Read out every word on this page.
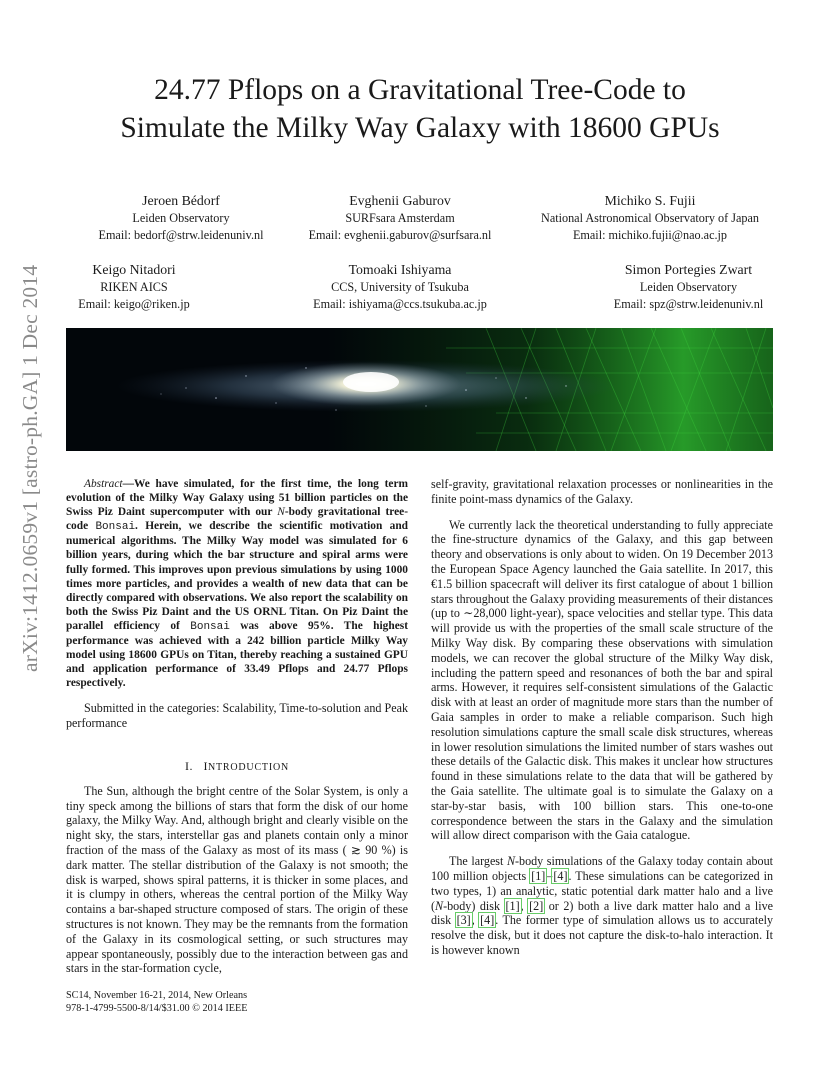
arXiv:1412.0659v1 [astro-ph.GA] 1 Dec 2014
24.77 Pflops on a Gravitational Tree-Code to
Simulate the Milky Way Galaxy with 18600 GPUs
Jeroen Bédorf
Leiden Observatory
Email: bedorf@strw.leidenuniv.nl
Evghenii Gaburov
SURFsara Amsterdam
Email: evghenii.gaburov@surfsara.nl
Michiko S. Fujii
National Astronomical Observatory of Japan
Email: michiko.fujii@nao.ac.jp
Keigo Nitadori
RIKEN AICS
Email: keigo@riken.jp
Tomoaki Ishiyama
CCS, University of Tsukuba
Email: ishiyama@ccs.tsukuba.ac.jp
Simon Portegies Zwart
Leiden Observatory
Email: spz@strw.leidenuniv.nl

Abstract—We have simulated, for the first time, the long term evolution of the Milky Way Galaxy using 51 billion particles on the Swiss Piz Daint supercomputer with our N-body gravitational tree-code Bonsai. Herein, we describe the scientific motivation and numerical algorithms. The Milky Way model was simulated for 6 billion years, during which the bar structure and spiral arms were fully formed. This improves upon previous simulations by using 1000 times more particles, and provides a wealth of new data that can be directly compared with observations. We also report the scalability on both the Swiss Piz Daint and the US ORNL Titan. On Piz Daint the parallel efficiency of Bonsai was above 95%. The highest performance was achieved with a 242 billion particle Milky Way model using 18600 GPUs on Titan, thereby reaching a sustained GPU and application performance of 33.49 Pflops and 24.77 Pflops respectively.

Submitted in the categories: Scalability, Time-to-solution and Peak performance

I. INTRODUCTION

The Sun, although the bright centre of the Solar System, is only a tiny speck among the billions of stars that form the disk of our home galaxy, the Milky Way. And, although bright and clearly visible on the night sky, the stars, interstellar gas and planets contain only a minor fraction of the mass of the Galaxy as most of its mass ( ≳ 90 %) is dark matter. The stellar distribution of the Galaxy is not smooth; the disk is warped, shows spiral patterns, it is thicker in some places, and it is clumpy in others, whereas the central portion of the Milky Way contains a bar-shaped structure composed of stars. The origin of these structures is not known. They may be the remnants from the formation of the Galaxy in its cosmological setting, or such structures may appear spontaneously, possibly due to the interaction between gas and stars in the star-formation cycle,

SC14, November 16-21, 2014, New Orleans
978-1-4799-5500-8/14/$31.00 © 2014 IEEE

self-gravity, gravitational relaxation processes or nonlinearities in the finite point-mass dynamics of the Galaxy.

We currently lack the theoretical understanding to fully appreciate the fine-structure dynamics of the Galaxy, and this gap between theory and observations is only about to widen. On 19 December 2013 the European Space Agency launched the Gaia satellite. In 2017, this €1.5 billion spacecraft will deliver its first catalogue of about 1 billion stars throughout the Galaxy providing measurements of their distances (up to ∼28,000 light-year), space velocities and stellar type. This data will provide us with the properties of the small scale structure of the Milky Way disk. By comparing these observations with simulation models, we can recover the global structure of the Milky Way disk, including the pattern speed and resonances of both the bar and spiral arms. However, it requires self-consistent simulations of the Galactic disk with at least an order of magnitude more stars than the number of Gaia samples in order to make a reliable comparison. Such high resolution simulations capture the small scale disk structures, whereas in lower resolution simulations the limited number of stars washes out these details of the Galactic disk. This makes it unclear how structures found in these simulations relate to the data that will be gathered by the Gaia satellite. The ultimate goal is to simulate the Galaxy on a star-by-star basis, with 100 billion stars. This one-to-one correspondence between the stars in the Galaxy and the simulation will allow direct comparison with the Gaia catalogue.

The largest N-body simulations of the Galaxy today contain about 100 million objects [1]–[4]. These simulations can be categorized in two types, 1) an analytic, static potential dark matter halo and a live (N-body) disk [1], [2] or 2) both a live dark matter halo and a live disk [3], [4]. The former type of simulation allows us to accurately resolve the disk, but it does not capture the disk-to-halo interaction. It is however known
